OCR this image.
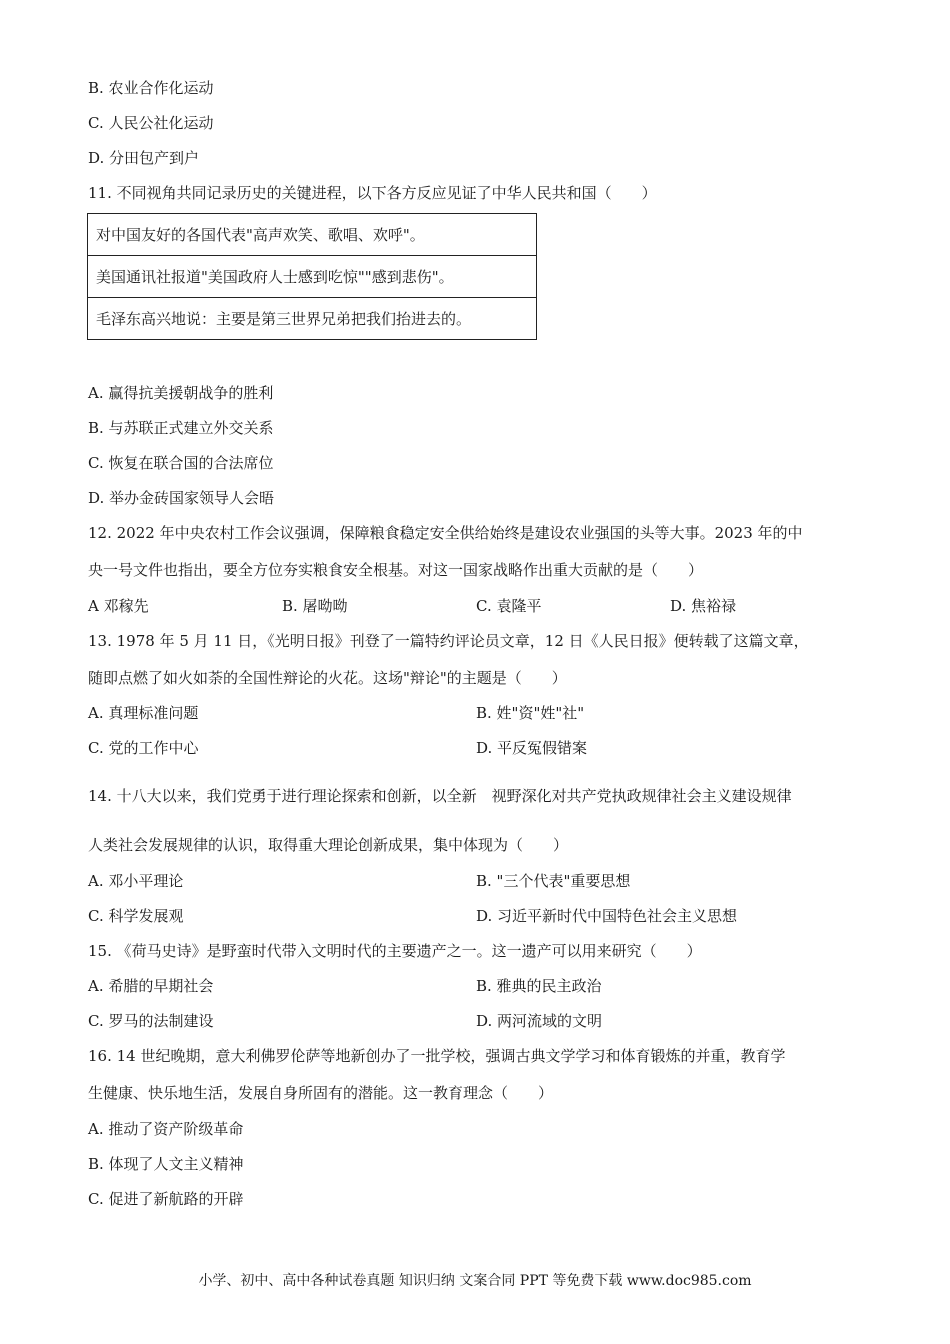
B. 农业合作化运动
C. 人民公社化运动
D. 分田包产到户
11. 不同视角共同记录历史的关键进程，以下各方反应见证了中华人民共和国（　　）
对中国友好的各国代表"高声欢笑、歌唱、欢呼"。
美国通讯社报道"美国政府人士感到吃惊""感到悲伤"。
毛泽东高兴地说：主要是第三世界兄弟把我们抬进去的。
A. 赢得抗美援朝战争的胜利
B. 与苏联正式建立外交关系
C. 恢复在联合国的合法席位
D. 举办金砖国家领导人会晤
12. 2022 年中央农村工作会议强调，保障粮食稳定安全供给始终是建设农业强国的头等大事。2023 年的中
央一号文件也指出，要全方位夯实粮食安全根基。对这一国家战略作出重大贡献的是（　　）
A 邓稼先	B. 屠呦呦	C. 袁隆平	D. 焦裕禄
13. 1978 年 5 月 11 日，《光明日报》刊登了一篇特约评论员文章，12 日《人民日报》便转载了这篇文章，
随即点燃了如火如荼的全国性辩论的火花。这场"辩论"的主题是（　　）
A. 真理标准问题	B. 姓"资"姓"社"
C. 党的工作中心	D. 平反冤假错案
14. 十八大以来，我们党勇于进行理论探索和创新，以全新　视野深化对共产党执政规律社会主义建设规律
人类社会发展规律的认识，取得重大理论创新成果，集中体现为（　　）
A. 邓小平理论	B. "三个代表"重要思想
C. 科学发展观	D. 习近平新时代中国特色社会主义思想
15. 《荷马史诗》是野蛮时代带入文明时代的主要遗产之一。这一遗产可以用来研究（　　）
A. 希腊的早期社会	B. 雅典的民主政治
C. 罗马的法制建设	D. 两河流域的文明
16. 14 世纪晚期，意大利佛罗伦萨等地新创办了一批学校，强调古典文学学习和体育锻炼的并重，教育学
生健康、快乐地生活，发展自身所固有的潜能。这一教育理念（　　）
A. 推动了资产阶级革命
B. 体现了人文主义精神
C. 促进了新航路的开辟
小学、初中、高中各种试卷真题 知识归纳 文案合同 PPT 等免费下载 www.doc985.com
